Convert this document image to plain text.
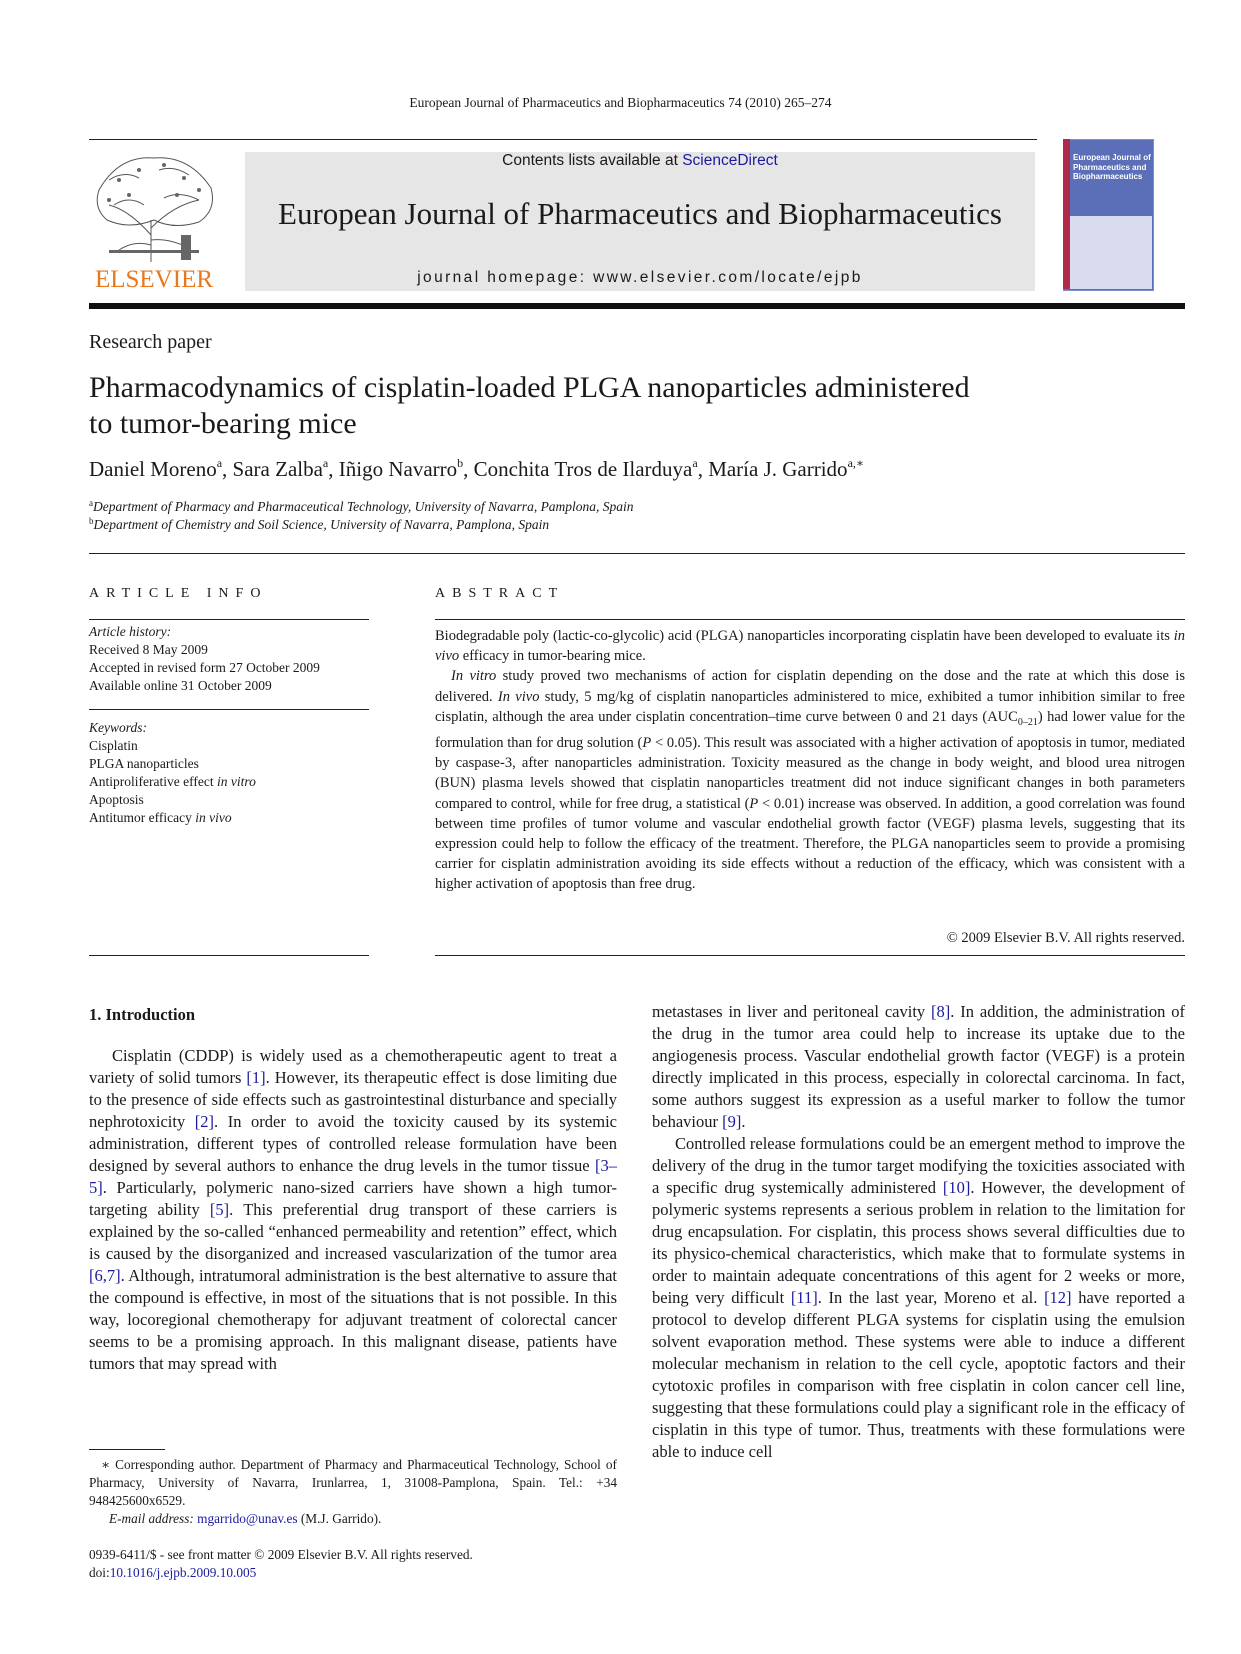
European Journal of Pharmaceutics and Biopharmaceutics 74 (2010) 265–274
ELSEVIER
Contents lists available at ScienceDirect
European Journal of Pharmaceutics and Biopharmaceutics
journal homepage: www.elsevier.com/locate/ejpb
European Journal of Pharmaceutics and Biopharmaceutics
Research paper
Pharmacodynamics of cisplatin-loaded PLGA nanoparticles administered
to tumor-bearing mice
Daniel Moreno$^a$, Sara Zalba$^a$, Iñigo Navarro$^b$, Conchita Tros de Ilarduya$^a$, María J. Garrido$^{a,∗}$
$^a$Department of Pharmacy and Pharmaceutical Technology, University of Navarra, Pamplona, Spain
$^b$Department of Chemistry and Soil Science, University of Navarra, Pamplona, Spain
ARTICLE INFO
Article history:
Received 8 May 2009
Accepted in revised form 27 October 2009
Available online 31 October 2009
Keywords:
Cisplatin
PLGA nanoparticles
Antiproliferative effect in vitro
Apoptosis
Antitumor efficacy in vivo
ABSTRACT

Biodegradable poly (lactic-co-glycolic) acid (PLGA) nanoparticles incorporating cisplatin have been developed to evaluate its in vivo efficacy in tumor-bearing mice.

In vitro study proved two mechanisms of action for cisplatin depending on the dose and the rate at which this dose is delivered. In vivo study, 5 mg/kg of cisplatin nanoparticles administered to mice, exhibited a tumor inhibition similar to free cisplatin, although the area under cisplatin concentration–time curve between 0 and 21 days $(AUC_{0-21})$ had lower value for the formulation than for drug solution (P < 0.05). This result was associated with a higher activation of apoptosis in tumor, mediated by caspase-3, after nanoparticles administration. Toxicity measured as the change in body weight, and blood urea nitrogen (BUN) plasma levels showed that cisplatin nanoparticles treatment did not induce significant changes in both parameters compared to control, while for free drug, a statistical (P < 0.01) increase was observed. In addition, a good correlation was found between time profiles of tumor volume and vascular endothelial growth factor (VEGF) plasma levels, suggesting that its expression could help to follow the efficacy of the treatment. Therefore, the PLGA nanoparticles seem to provide a promising carrier for cisplatin administration avoiding its side effects without a reduction of the efficacy, which was consistent with a higher activation of apoptosis than free drug.

© 2009 Elsevier B.V. All rights reserved.
1. Introduction

Cisplatin (CDDP) is widely used as a chemotherapeutic agent to treat a variety of solid tumors [1]. However, its therapeutic effect is dose limiting due to the presence of side effects such as gastrointestinal disturbance and specially nephrotoxicity [2]. In order to avoid the toxicity caused by its systemic administration, different types of controlled release formulation have been designed by several authors to enhance the drug levels in the tumor tissue [3–5]. Particularly, polymeric nano-sized carriers have shown a high tumor-targeting ability [5]. This preferential drug transport of these carriers is explained by the so-called “enhanced permeability and retention” effect, which is caused by the disorganized and increased vascularization of the tumor area [6,7]. Although, intratumoral administration is the best alternative to assure that the compound is effective, in most of the situations that is not possible. In this way, locoregional chemotherapy for adjuvant treatment of colorectal cancer seems to be a promising approach. In this malignant disease, patients have tumors that may spread with

metastases in liver and peritoneal cavity [8]. In addition, the administration of the drug in the tumor area could help to increase its uptake due to the angiogenesis process. Vascular endothelial growth factor (VEGF) is a protein directly implicated in this process, especially in colorectal carcinoma. In fact, some authors suggest its expression as a useful marker to follow the tumor behaviour [9].

Controlled release formulations could be an emergent method to improve the delivery of the drug in the tumor target modifying the toxicities associated with a specific drug systemically administered [10]. However, the development of polymeric systems represents a serious problem in relation to the limitation for drug encapsulation. For cisplatin, this process shows several difficulties due to its physico-chemical characteristics, which make that to formulate systems in order to maintain adequate concentrations of this agent for 2 weeks or more, being very difficult [11]. In the last year, Moreno et al. [12] have reported a protocol to develop different PLGA systems for cisplatin using the emulsion solvent evaporation method. These systems were able to induce a different molecular mechanism in relation to the cell cycle, apoptotic factors and their cytotoxic profiles in comparison with free cisplatin in colon cancer cell line, suggesting that these formulations could play a significant role in the efficacy of cisplatin in this type of tumor. Thus, treatments with these formulations were able to induce cell

∗ Corresponding author. Department of Pharmacy and Pharmaceutical Technology, School of Pharmacy, University of Navarra, Irunlarrea, 1, 31008-Pamplona, Spain. Tel.: +34 948425600x6529.
E-mail address: mgarrido@unav.es (M.J. Garrido).
0939-6411/$ - see front matter © 2009 Elsevier B.V. All rights reserved.
doi:10.1016/j.ejpb.2009.10.005
